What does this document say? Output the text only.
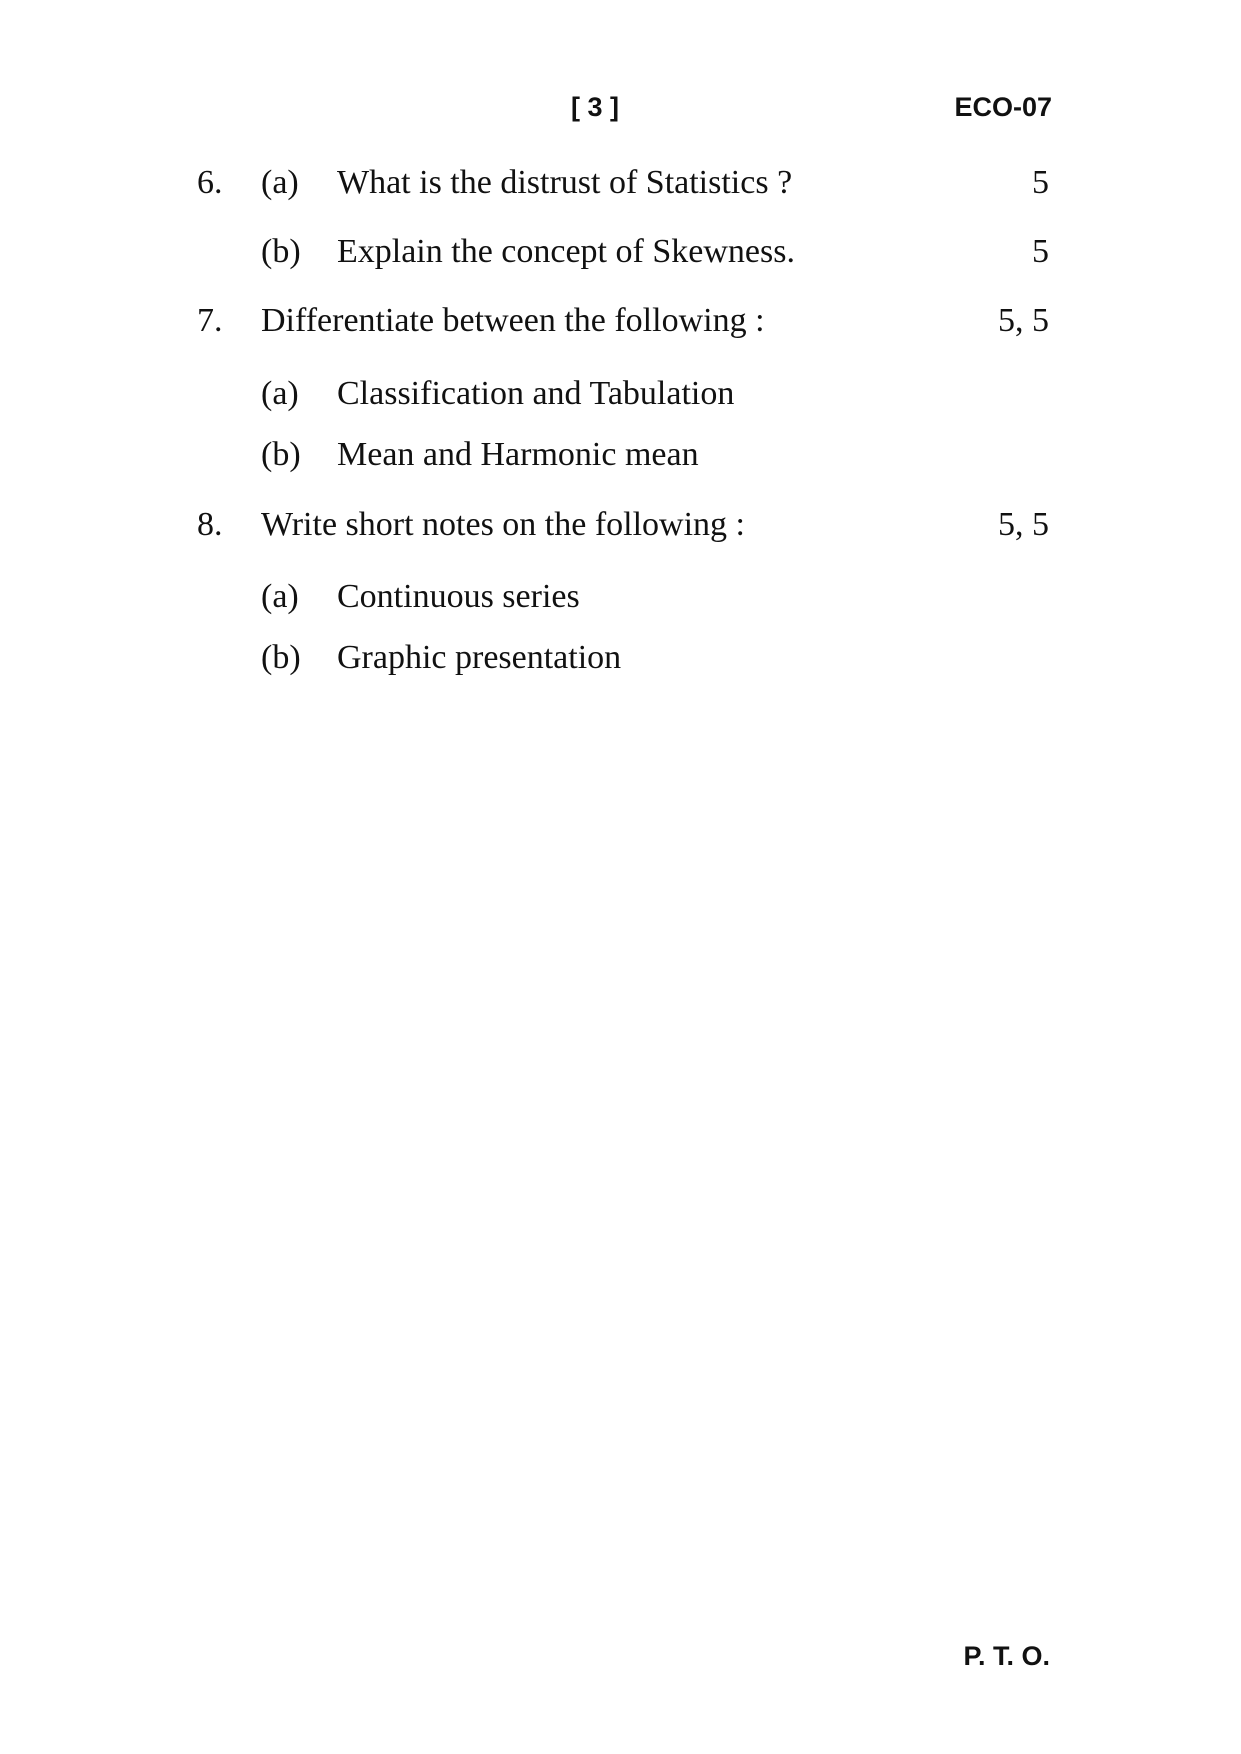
[ 3 ]	ECO-07
6. (a) What is the distrust of Statistics ?	5
(b) Explain the concept of Skewness.	5
7. Differentiate between the following :	5, 5
(a) Classification and Tabulation
(b) Mean and Harmonic mean
8. Write short notes on the following :	5, 5
(a) Continuous series
(b) Graphic presentation
P. T. O.
